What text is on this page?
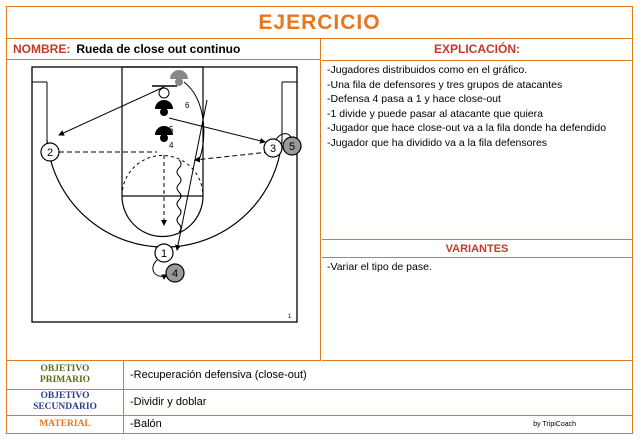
EJERCICIO
NOMBRE: Rueda de close out continuo	EXPLICACIÓN:
6
5
4
2	3 5
1
4
1
-Jugadores distribuidos como en el gráfico.
-Una fila de defensores y tres grupos de atacantes
-Defensa 4 pasa a 1 y hace close-out
-1 divide y puede pasar al atacante que quiera
-Jugador que hace close-out va a la fila donde ha defendido
-Jugador que ha dividido va a la fila defensores
VARIANTES
-Variar el tipo de pase.
OBJETIVO
PRIMARIO	-Recuperación defensiva (close-out)
OBJETIVO
SECUNDARIO	-Dividir y doblar
MATERIAL	-Balón	by TripiCoach
